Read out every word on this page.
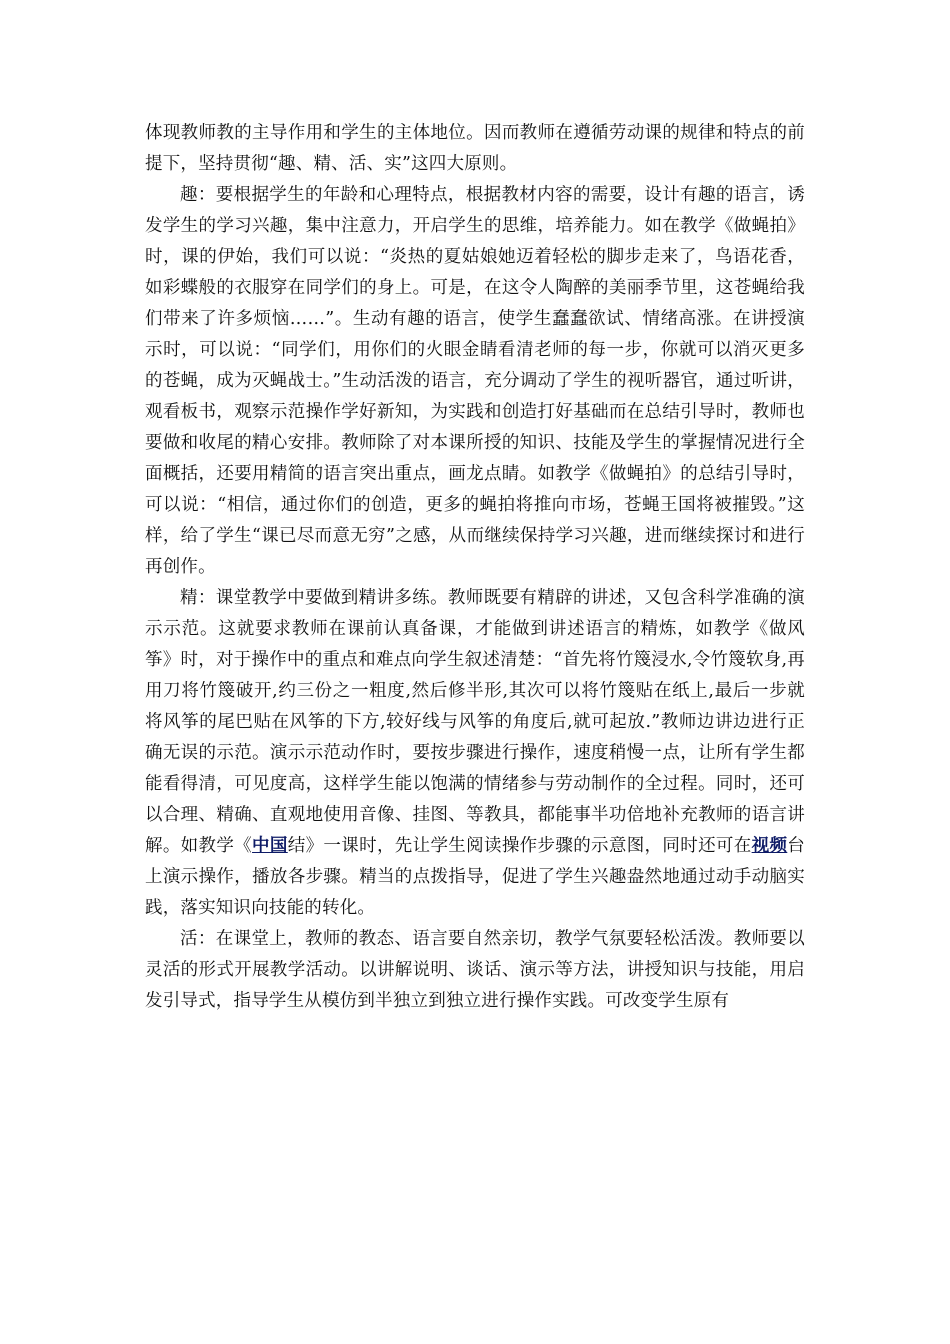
体现教师教的主导作用和学生的主体地位。因而教师在遵循劳动课的规律和特点的前提下，坚持贯彻“趣、精、活、实”这四大原则。

趣：要根据学生的年龄和心理特点，根据教材内容的需要，设计有趣的语言，诱发学生的学习兴趣，集中注意力，开启学生的思维，培养能力。如在教学《做蝇拍》时，课的伊始，我们可以说：“炎热的夏姑娘她迈着轻松的脚步走来了，鸟语花香，如彩蝶般的衣服穿在同学们的身上。可是，在这令人陶醉的美丽季节里，这苍蝇给我们带来了许多烦恼……”。生动有趣的语言，使学生蠢蠢欲试、情绪高涨。在讲授演示时，可以说：“同学们，用你们的火眼金睛看清老师的每一步，你就可以消灭更多的苍蝇，成为灭蝇战士。”生动活泼的语言，充分调动了学生的视听器官，通过听讲，观看板书，观察示范操作学好新知，为实践和创造打好基础而在总结引导时，教师也要做和收尾的精心安排。教师除了对本课所授的知识、技能及学生的掌握情况进行全面概括，还要用精简的语言突出重点，画龙点睛。如教学《做蝇拍》的总结引导时，可以说：“相信，通过你们的创造，更多的蝇拍将推向市场，苍蝇王国将被摧毁。”这样，给了学生“课已尽而意无穷”之感，从而继续保持学习兴趣，进而继续探讨和进行再创作。

精：课堂教学中要做到精讲多练。教师既要有精辟的讲述，又包含科学准确的演示示范。这就要求教师在课前认真备课，才能做到讲述语言的精炼，如教学《做风筝》时，对于操作中的重点和难点向学生叙述清楚：“首先将竹篾浸水,令竹篾软身,再用刀将竹篾破开,约三份之一粗度,然后修半形,其次可以将竹篾贴在纸上,最后一步就将风筝的尾巴贴在风筝的下方,较好线与风筝的角度后,就可起放.”教师边讲边进行正确无误的示范。演示示范动作时，要按步骤进行操作，速度稍慢一点，让所有学生都能看得清，可见度高，这样学生能以饱满的情绪参与劳动制作的全过程。同时，还可以合理、精确、直观地使用音像、挂图、等教具，都能事半功倍地补充教师的语言讲解。如教学《中国结》一课时，先让学生阅读操作步骤的示意图，同时还可在视频台上演示操作，播放各步骤。精当的点拨指导，促进了学生兴趣盎然地通过动手动脑实践，落实知识向技能的转化。

活：在课堂上，教师的教态、语言要自然亲切，教学气氛要轻松活泼。教师要以灵活的形式开展教学活动。以讲解说明、谈话、演示等方法，讲授知识与技能，用启发引导式，指导学生从模仿到半独立到独立进行操作实践。可改变学生原有
